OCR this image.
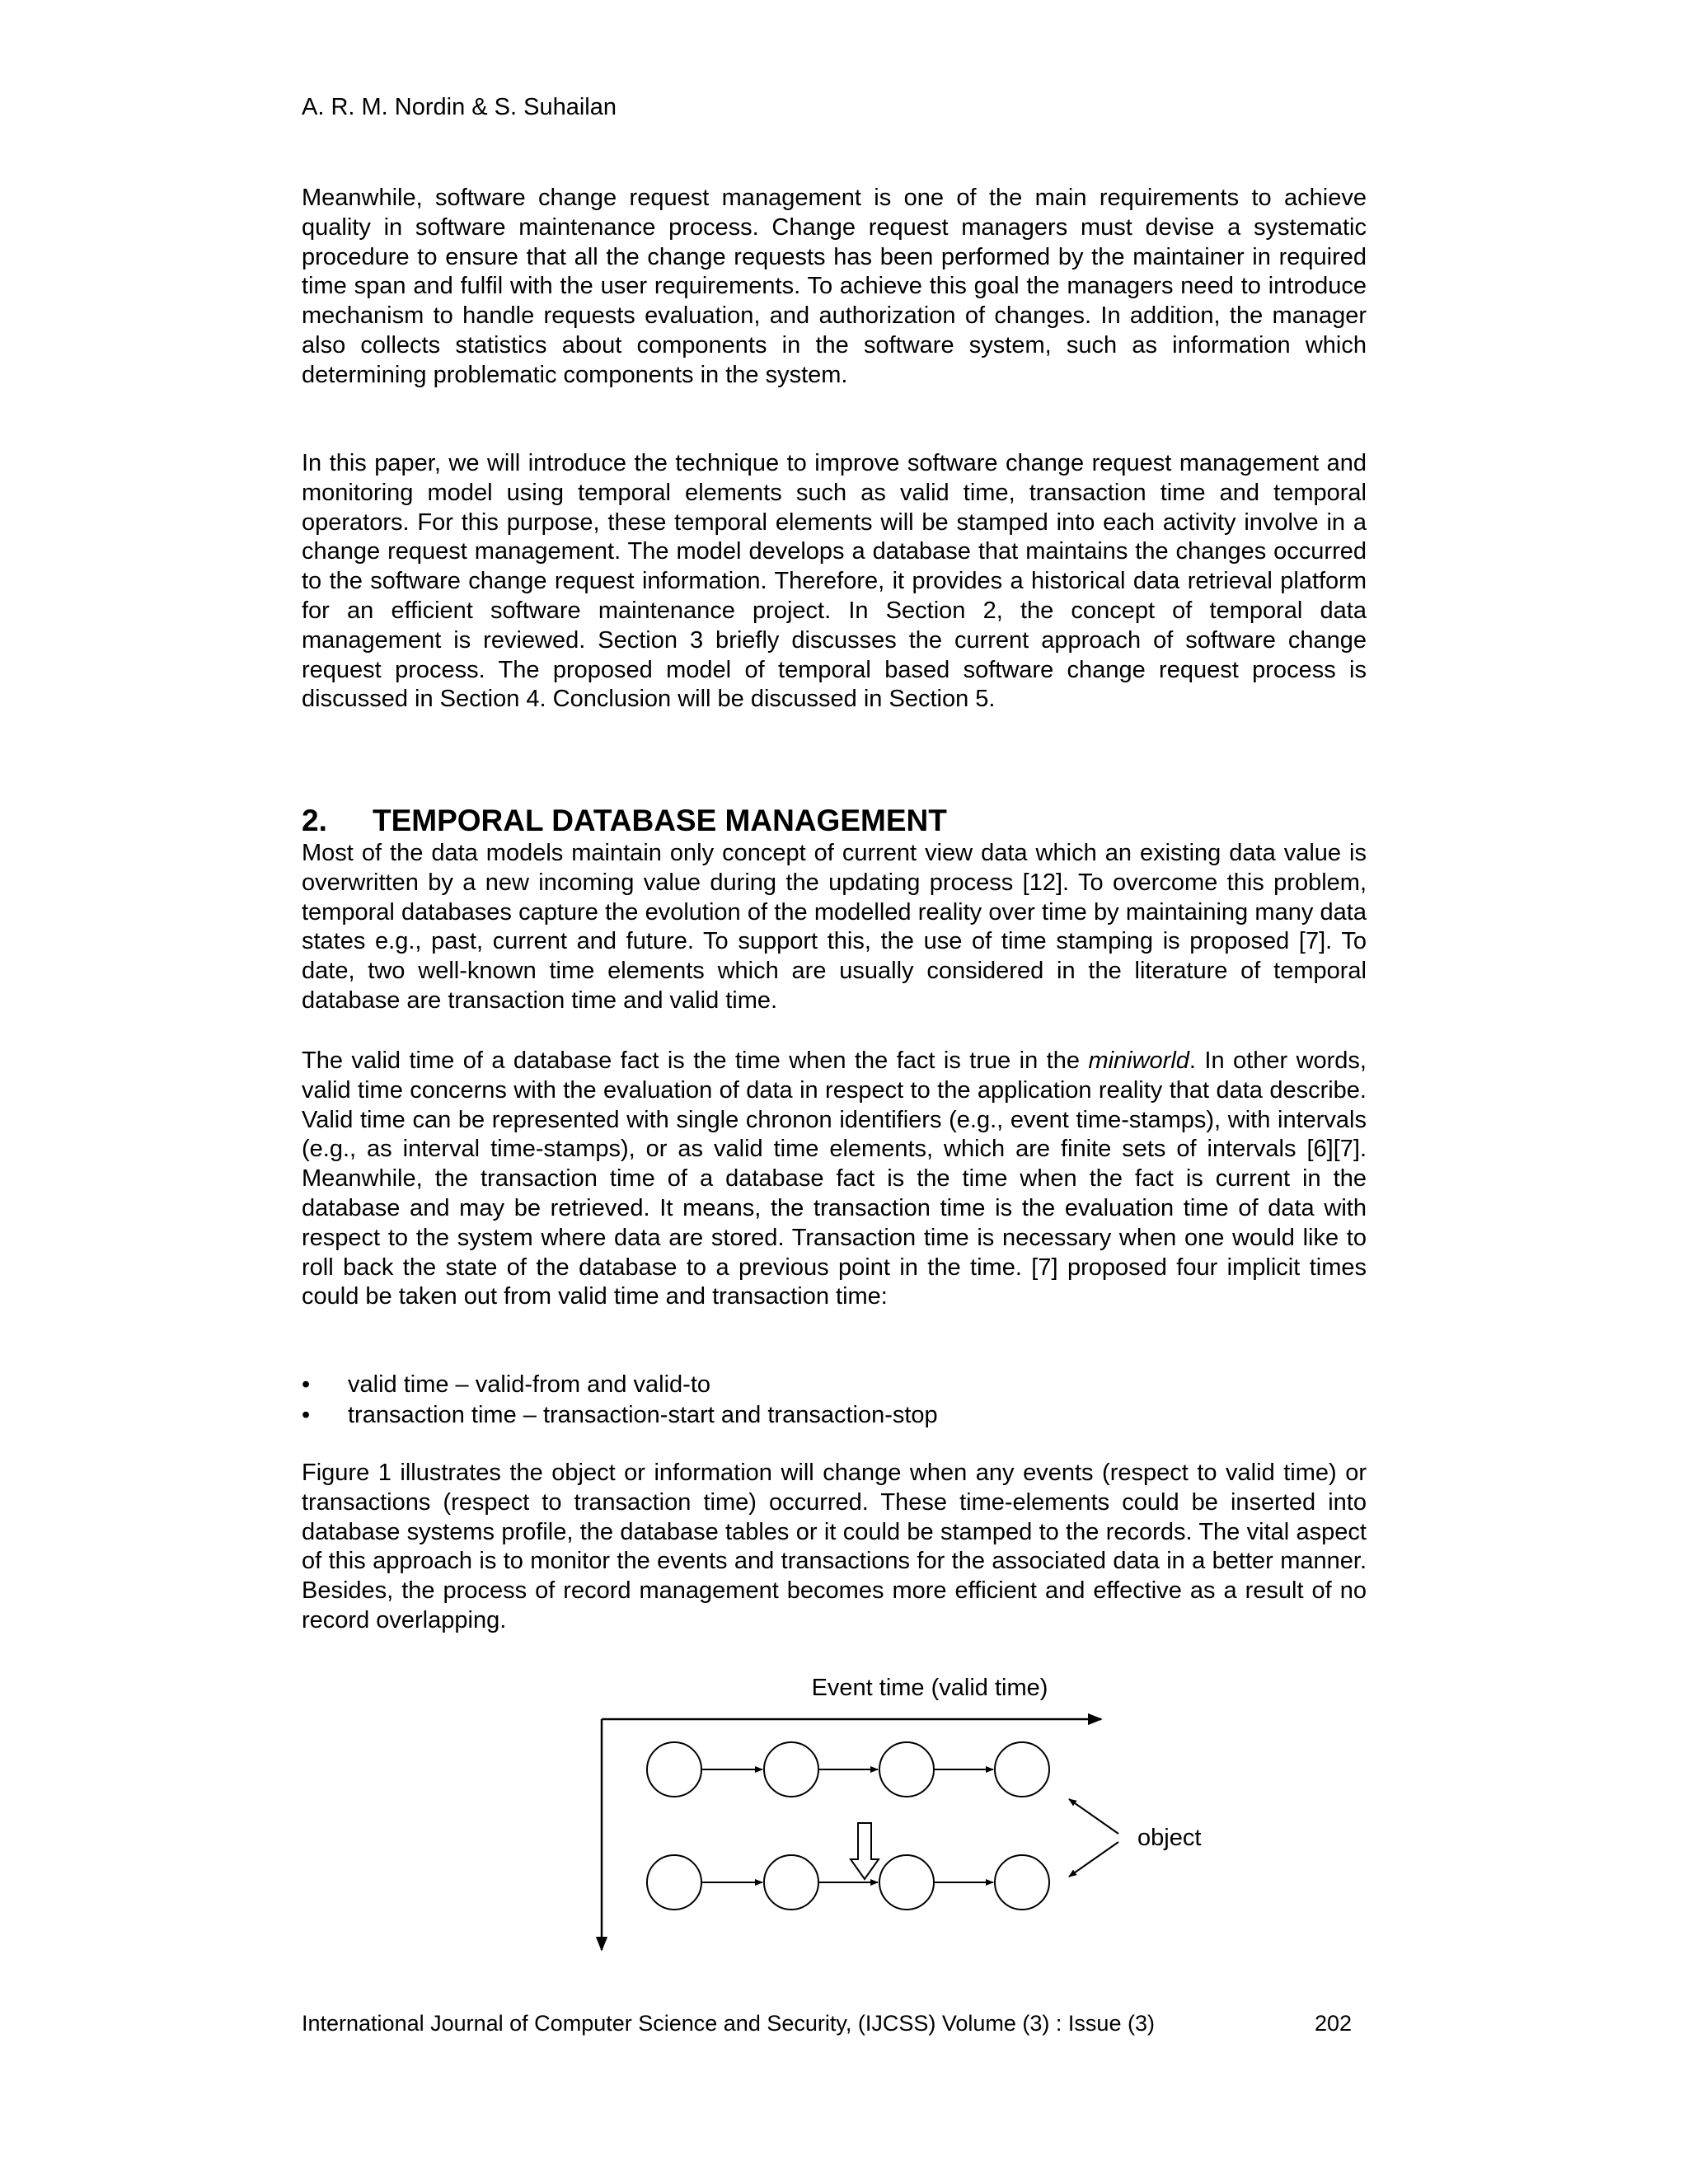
A. R. M. Nordin & S. Suhailan

Meanwhile, software change request management is one of the main requirements to achieve quality in software maintenance process. Change request managers must devise a systematic procedure to ensure that all the change requests has been performed by the maintainer in required time span and fulfil with the user requirements. To achieve this goal the managers need to introduce mechanism to handle requests evaluation, and authorization of changes. In addition, the manager also collects statistics about components in the software system, such as information which determining problematic components in the system.

In this paper, we will introduce the technique to improve software change request management and monitoring model using temporal elements such as valid time, transaction time and temporal operators. For this purpose, these temporal elements will be stamped into each activity involve in a change request management. The model develops a database that maintains the changes occurred to the software change request information. Therefore, it provides a historical data retrieval platform for an efficient software maintenance project. In Section 2, the concept of temporal data management is reviewed. Section 3 briefly discusses the current approach of software change request process. The proposed model of temporal based software change request process is discussed in Section 4. Conclusion will be discussed in Section 5.

2. TEMPORAL DATABASE MANAGEMENT

Most of the data models maintain only concept of current view data which an existing data value is overwritten by a new incoming value during the updating process [12]. To overcome this problem, temporal databases capture the evolution of the modelled reality over time by maintaining many data states e.g., past, current and future. To support this, the use of time stamping is proposed [7]. To date, two well-known time elements which are usually considered in the literature of temporal database are transaction time and valid time.

The valid time of a database fact is the time when the fact is true in the miniworld. In other words, valid time concerns with the evaluation of data in respect to the application reality that data describe. Valid time can be represented with single chronon identifiers (e.g., event time-stamps), with intervals (e.g., as interval time-stamps), or as valid time elements, which are finite sets of intervals [6][7]. Meanwhile, the transaction time of a database fact is the time when the fact is current in the database and may be retrieved. It means, the transaction time is the evaluation time of data with respect to the system where data are stored. Transaction time is necessary when one would like to roll back the state of the database to a previous point in the time. [7] proposed four implicit times could be taken out from valid time and transaction time:

• valid time – valid-from and valid-to
• transaction time – transaction-start and transaction-stop

Figure 1 illustrates the object or information will change when any events (respect to valid time) or transactions (respect to transaction time) occurred. These time-elements could be inserted into database systems profile, the database tables or it could be stamped to the records. The vital aspect of this approach is to monitor the events and transactions for the associated data in a better manner. Besides, the process of record management becomes more efficient and effective as a result of no record overlapping.

Event time (valid time)
object
International Journal of Computer Science and Security, (IJCSS) Volume (3) : Issue (3)	202
